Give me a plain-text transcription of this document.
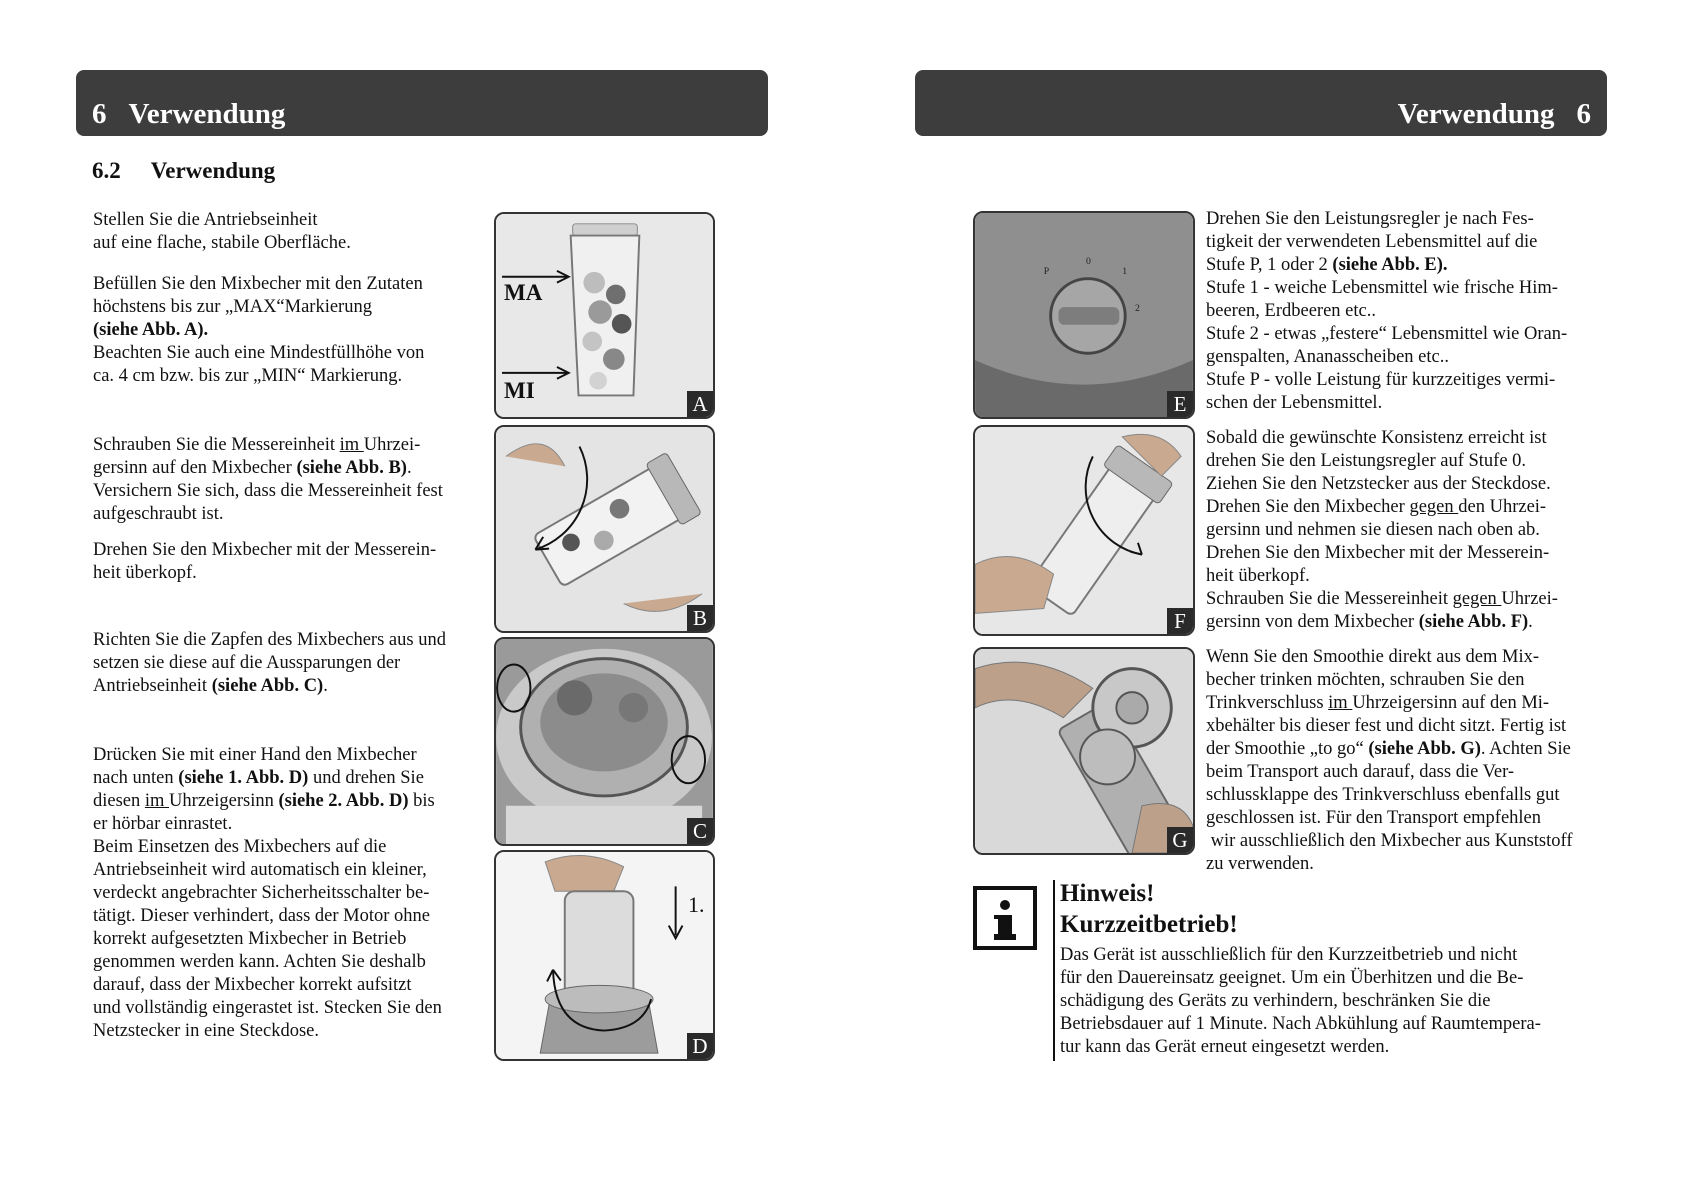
6 Verwendung	Verwendung 6
6.2 Verwendung

Stellen Sie die Antriebseinheit

auf eine flache, stabile Oberfläche.

Befüllen Sie den Mixbecher mit den Zutaten

höchstens bis zur „MAX“Markierung

(siehe Abb. A).

Beachten Sie auch eine Mindestfüllhöhe von

ca. 4 cm bzw. bis zur „MIN“ Markierung.

Schrauben Sie die Messereinheit im Uhrzei-

gersinn auf den Mixbecher (siehe Abb. B).

Versichern Sie sich, dass die Messereinheit fest

aufgeschraubt ist.

Drehen Sie den Mixbecher mit der Messerein-

heit überkopf.

Richten Sie die Zapfen des Mixbechers aus und

setzen sie diese auf die Aussparungen der

Antriebseinheit (siehe Abb. C).

Drücken Sie mit einer Hand den Mixbecher

nach unten (siehe 1. Abb. D) und drehen Sie

diesen im Uhrzeigersinn (siehe 2. Abb. D) bis

er hörbar einrastet.

Beim Einsetzen des Mixbechers auf die

Antriebseinheit wird automatisch ein kleiner,

verdeckt angebrachter Sicherheitsschalter be-

tätigt. Dieser verhindert, dass der Motor ohne

korrekt aufgesetzten Mixbecher in Betrieb

genommen werden kann. Achten Sie deshalb

darauf, dass der Mixbecher korrekt aufsitzt

und vollständig eingerastet ist. Stecken Sie den

Netzstecker in eine Steckdose.

MA
MI
A
B
C
1.
D
P
0
1
2
E
F
G

Drehen Sie den Leistungsregler je nach Fes-

tigkeit der verwendeten Lebensmittel auf die

Stufe P, 1 oder 2 (siehe Abb. E).

Stufe 1 - weiche Lebensmittel wie frische Him-

beeren, Erdbeeren etc..

Stufe 2 - etwas „festere“ Lebensmittel wie Oran-

genspalten, Ananasscheiben etc..

Stufe P - volle Leistung für kurzzeitiges vermi-

schen der Lebensmittel.

Sobald die gewünschte Konsistenz erreicht ist

drehen Sie den Leistungsregler auf Stufe 0.

Ziehen Sie den Netzstecker aus der Steckdose.

Drehen Sie den Mixbecher gegen den Uhrzei-

gersinn und nehmen sie diesen nach oben ab.

Drehen Sie den Mixbecher mit der Messerein-

heit überkopf.

Schrauben Sie die Messereinheit gegen Uhrzei-

gersinn von dem Mixbecher (siehe Abb. F).

Wenn Sie den Smoothie direkt aus dem Mix-

becher trinken möchten, schrauben Sie den

Trinkverschluss im Uhrzeigersinn auf den Mi-

xbehälter bis dieser fest und dicht sitzt. Fertig ist

der Smoothie „to go“ (siehe Abb. G). Achten Sie

beim Transport auch darauf, dass die Ver-

schlussklappe des Trinkverschluss ebenfalls gut

geschlossen ist. Für den Transport empfehlen

wir ausschließlich den Mixbecher aus Kunststoff

zu verwenden.

Hinweis!
Kurzzeitbetrieb!

Das Gerät ist ausschließlich für den Kurzzeitbetrieb und nicht

für den Dauereinsatz geeignet. Um ein Überhitzen und die Be-

schädigung des Geräts zu verhindern, beschränken Sie die

Betriebsdauer auf 1 Minute. Nach Abkühlung auf Raumtempera-

tur kann das Gerät erneut eingesetzt werden.
